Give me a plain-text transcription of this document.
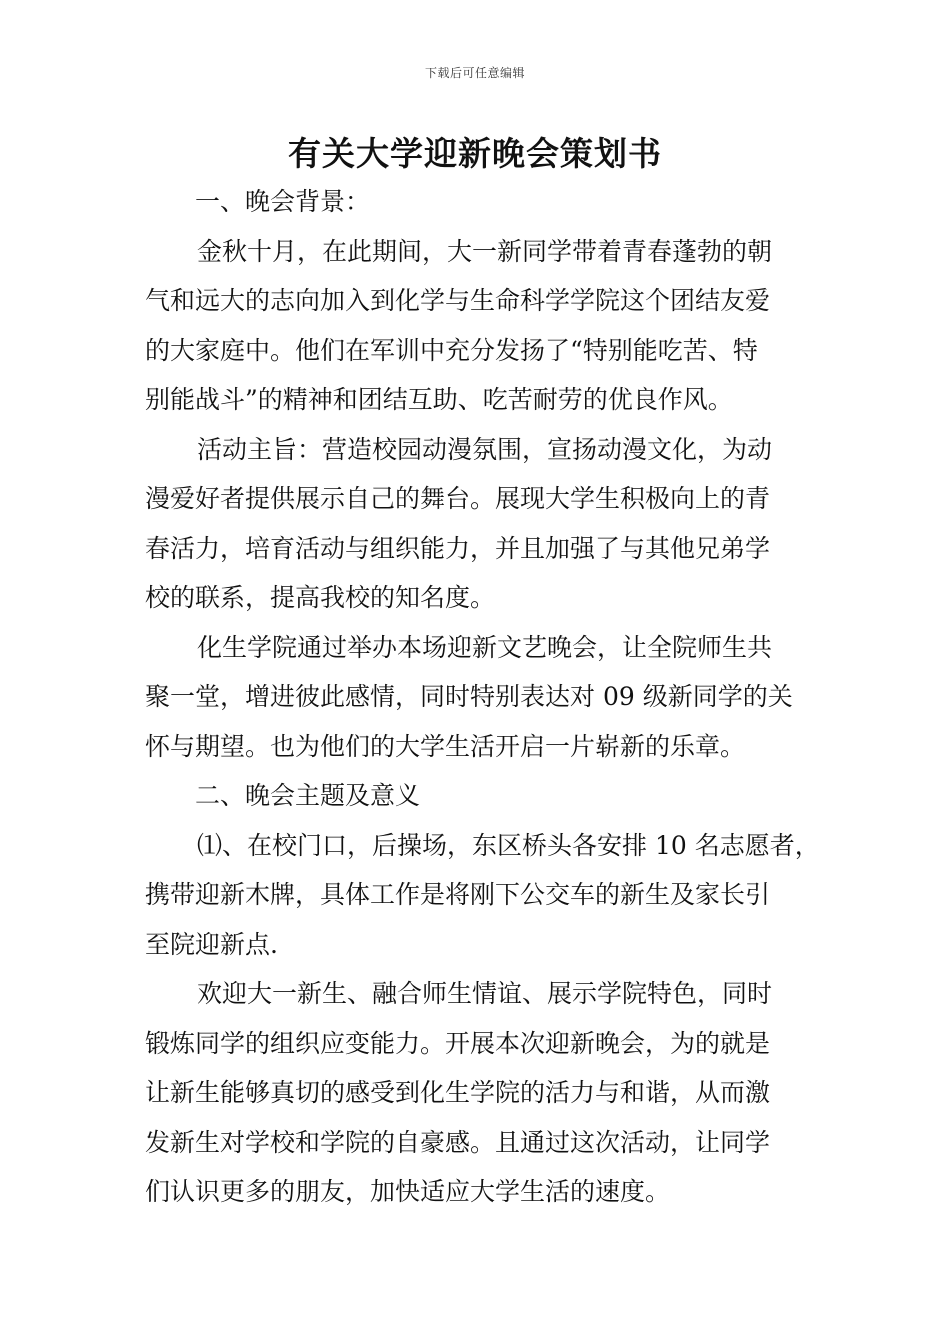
下载后可任意编辑
有关大学迎新晚会策划书
一、晚会背景：
金秋十月，在此期间，大一新同学带着青春蓬勃的朝
气和远大的志向加入到化学与生命科学学院这个团结友爱
的大家庭中。他们在军训中充分发扬了“特别能吃苦、特
别能战斗”的精神和团结互助、吃苦耐劳的优良作风。
活动主旨：营造校园动漫氛围，宣扬动漫文化，为动
漫爱好者提供展示自己的舞台。展现大学生积极向上的青
春活力，培育活动与组织能力，并且加强了与其他兄弟学
校的联系，提高我校的知名度。
化生学院通过举办本场迎新文艺晚会，让全院师生共
聚一堂，增进彼此感情，同时特别表达对 09 级新同学的关
怀与期望。也为他们的大学生活开启一片崭新的乐章。
二、晚会主题及意义
⑴、在校门口，后操场，东区桥头各安排 10 名志愿者，
携带迎新木牌，具体工作是将刚下公交车的新生及家长引
至院迎新点.
欢迎大一新生、融合师生情谊、展示学院特色，同时
锻炼同学的组织应变能力。开展本次迎新晚会，为的就是
让新生能够真切的感受到化生学院的活力与和谐，从而激
发新生对学校和学院的自豪感。且通过这次活动，让同学
们认识更多的朋友，加快适应大学生活的速度。
